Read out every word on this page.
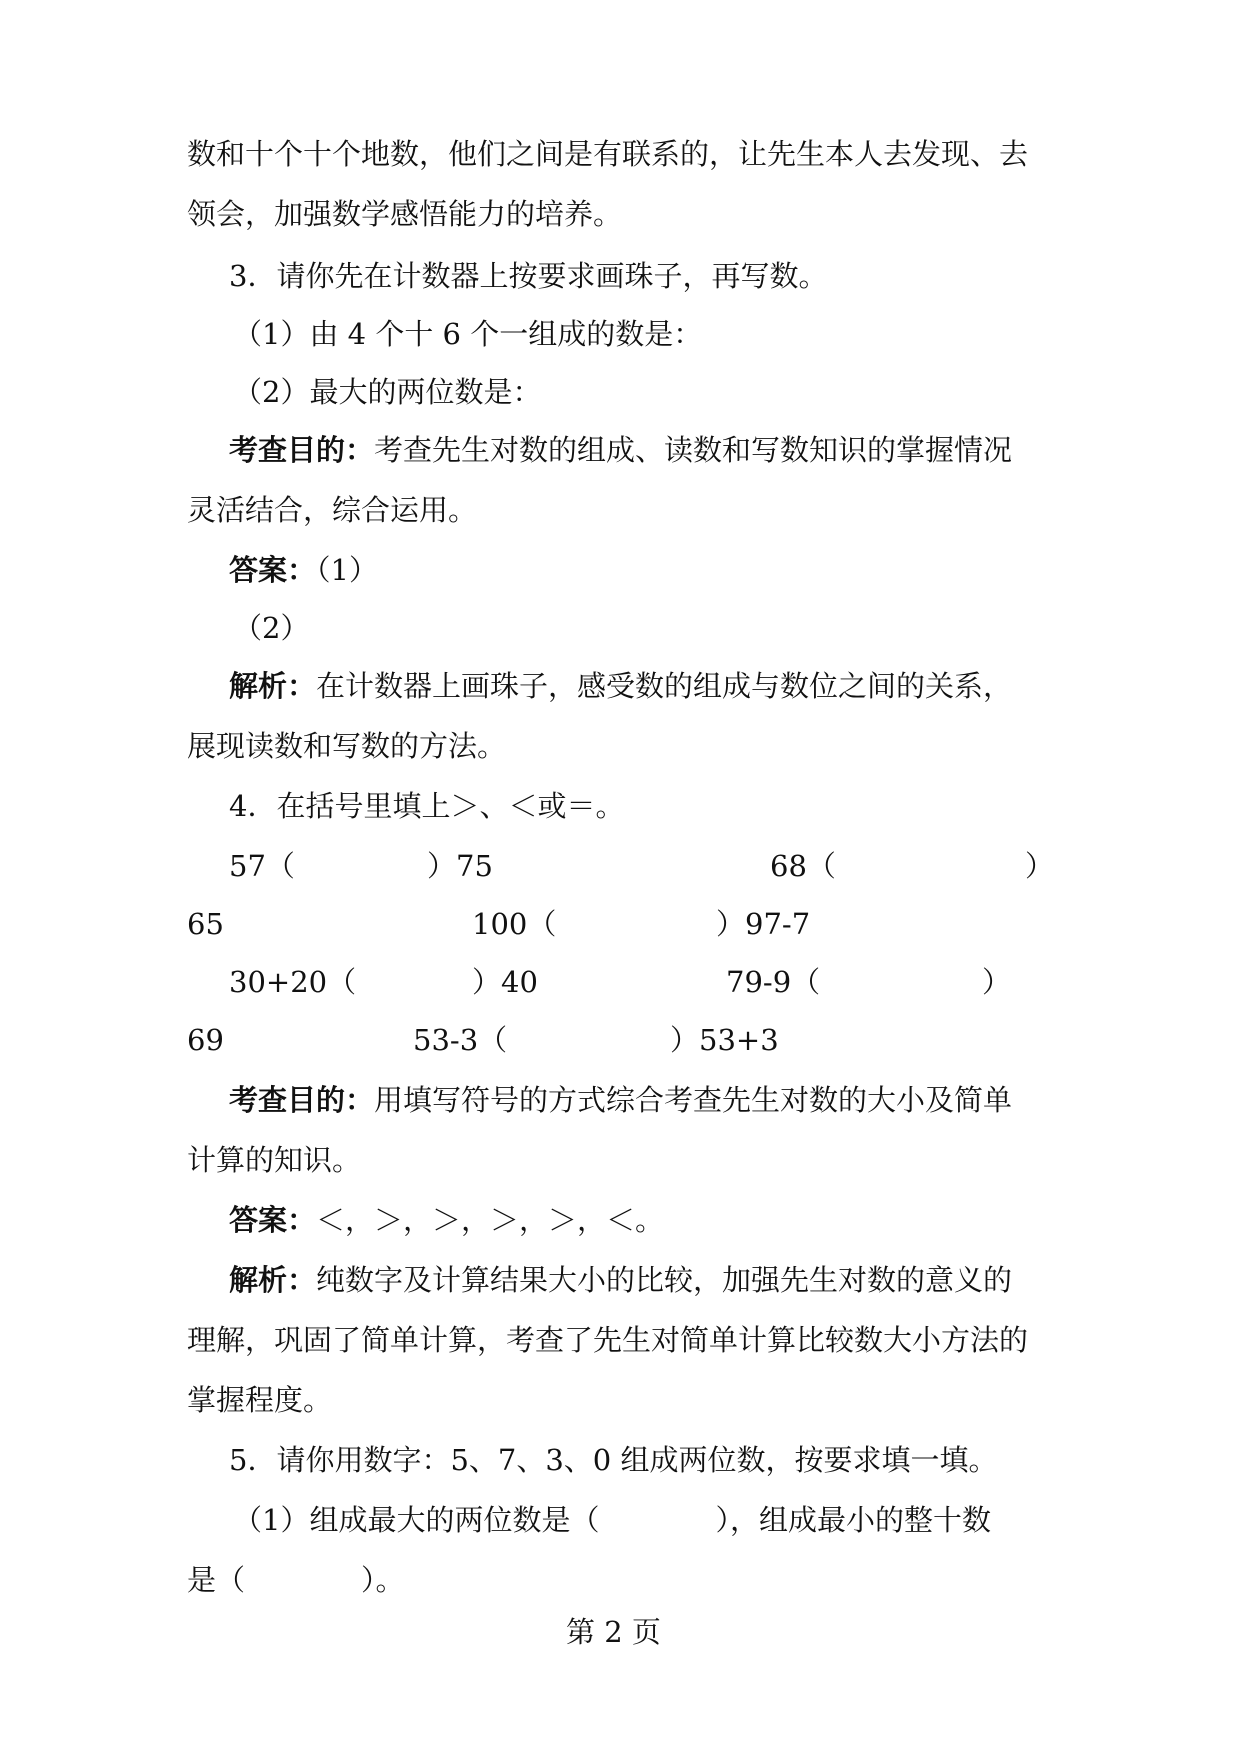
数和十个十个地数，他们之间是有联系的，让先生本人去发现、去
领会，加强数学感悟能力的培养。
3．请你先在计数器上按要求画珠子，再写数。
（1）由 4 个十 6 个一组成的数是：
（2）最大的两位数是：
考查目的：考查先生对数的组成、读数和写数知识的掌握情况
灵活结合，综合运用。
答案：（1）
（2）
解析：在计数器上画珠子，感受数的组成与数位之间的关系，
展现读数和写数的方法。
4．在括号里填上＞、＜或＝。
57（	）75	68（	）
65	100（	）97-7
30+20（	）40	79-9（	）
69	53-3（	）53+3
考查目的：用填写符号的方式综合考查先生对数的大小及简单
计算的知识。
答案：＜，＞，＞，＞，＞，＜。
解析：纯数字及计算结果大小的比较，加强先生对数的意义的
理解，巩固了简单计算，考查了先生对简单计算比较数大小方法的
掌握程度。
5．请你用数字：5、7、3、0 组成两位数，按要求填一填。
（1）组成最大的两位数是（　　　　），组成最小的整十数
是（　　　　）。
第 2 页
